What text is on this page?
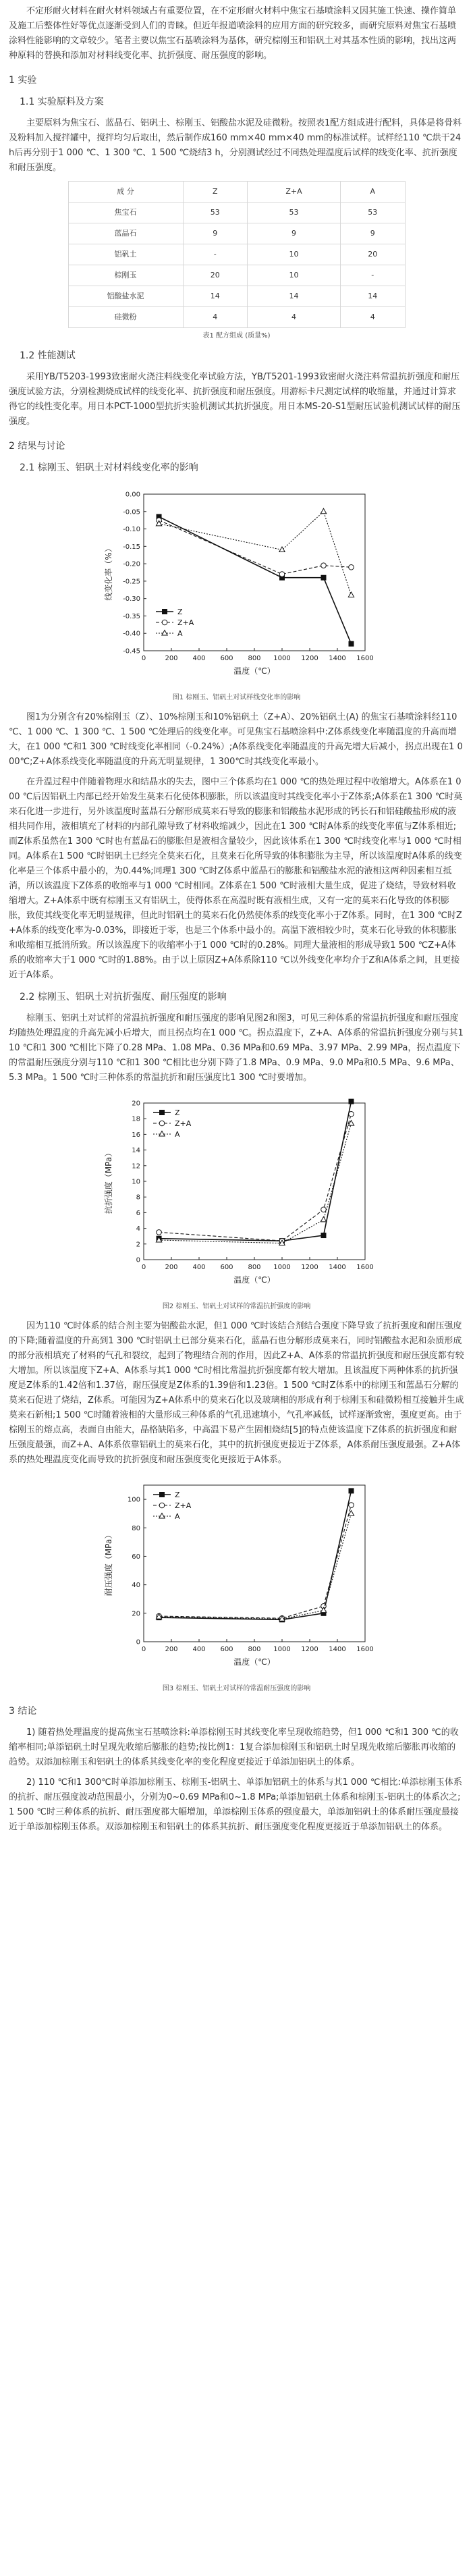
不定形耐火材料在耐火材料领域占有重要位置，在不定形耐火材料中焦宝石基喷涂料又因其施工快速、操作简单及施工后整体性好等优点逐渐受到人们的青睐。但近年报道喷涂料的应用方面的研究较多，而研究原料对焦宝石基喷涂料性能影响的文章较少。笔者主要以焦宝石基喷涂料为基体，研究棕刚玉和铝矾土对其基本性质的影响，找出这两种原料的替换和添加对材料线变化率、抗折强度、耐压强度的影响。

1 实验
1.1 实验原料及方案

主要原料为焦宝石、蓝晶石、铝矾土、棕刚玉、铝酸盐水泥及硅微粉。按照表1配方组成进行配料，具体是将骨料及粉料加入搅拌罐中，搅拌均匀后取出，然后制作成160 mm×40 mm×40 mm的标准试样。试样经110 ℃烘干24 h后再分别于1 000 ℃、1 300 ℃、1 500 ℃烧结3 h，分别测试经过不同热处理温度后试样的线变化率、抗折强度和耐压强度。

成 分	Z	Z+A	A
焦宝石	53	53	53
蓝晶石	9	9	9
铝矾土	-	10	20
棕刚玉	20	10	-
铝酸盐水泥	14	14	14
硅微粉	4	4	4
表1 配方组成 (质量%)
1.2 性能测试

采用YB/T5203-1993致密耐火浇注料线变化率试验方法，YB/T5201-1993致密耐火浇注料常温抗折强度和耐压强度试验方法，分别检测烧成试样的线变化率、抗折强度和耐压强度。用游标卡尺测定试样的收缩量，并通过计算求得它的线性变化率。用日本PCT-1000型抗折实验机测试其抗折强度。用日本MS-20-S1型耐压试验机测试试样的耐压强度。

2 结果与讨论
2.1 棕刚玉、铝矾土对材料线变化率的影响
0	200 400 600 800 1000 1200 1400 1600
0.00
-0.05
-0.10
-0.15
-0.20
-0.25
-0.30
-0.35
-0.40
-0.45
温度（℃）
线变化率（%）
Z
Z+A
A
图1 棕刚玉、铝矾土对试样线变化率的影响

图1为分别含有20%棕刚玉（Z）、10%棕刚玉和10%铝矾土（Z+A）、20%铝矾土(A) 的焦宝石基喷涂料经110 ℃、1 000 ℃、1 300 ℃、1 500 ℃处理后的线变化率。可见焦宝石基喷涂料中:Z体系线变化率随温度的升高而增大，在1 000 ℃和1 300 ℃时线变化率相同（-0.24%）;A体系线变化率随温度的升高先增大后减小，拐点出现在1 000℃;Z+A体系线变化率随温度的升高无明显规律，1 300℃时其线变化率最小。

在升温过程中伴随着物理水和结晶水的失去，图中三个体系均在1 000 ℃的热处理过程中收缩增大。A体系在1 000 ℃后因铝矾土内部已经开始发生莫来石化使体积膨胀，所以该温度时其线变化率小于Z体系;A体系在1 300 ℃时莫来石化进一步进行，另外该温度时蓝晶石分解形成莫来石导致的膨胀和铝酸盐水泥形成的钙长石和铝硅酸盐形成的液相共同作用，液相填充了材料的内部孔隙导致了材料收缩减少，因此在1 300 ℃时A体系的线变化率值与Z体系相近;而Z体系虽然在1 300 ℃时也有蓝晶石的膨胀但是液相含量较少，因此该体系在1 300 ℃时线变化率与1 000 ℃时相同。A体系在1 500 ℃时铝矾土已经完全莫来石化，且莫来石化所导致的体积膨胀为主导，所以该温度时A体系的线变化率是三个体系中最小的，为0.44%;同理1 300 ℃时Z体系中蓝晶石的膨胀和铝酸盐水泥的液相这两种因素相互抵消，所以该温度下Z体系的收缩率与1 000 ℃时相同。Z体系在1 500 ℃时液相大量生成，促进了烧结，导致材料收缩增大。Z+A体系中既有棕刚玉又有铝矾土，使得体系在高温时既有液相生成，又有一定的莫来石化导致的体积膨胀，致使其线变化率无明显规律，但此时铝矾土的莫来石化仍然使体系的线变化率小于Z体系。同时，在1 300 ℃时Z+A体系的线变化率为-0.03%，即接近于零，也是三个体系中最小的。高温下液相较少时，莫来石化导致的体积膨胀和收缩相互抵消所致。所以该温度下的收缩率小于1 000 ℃时的0.28%。同理大量液相的形成导致1 500 ℃Z+A体系的收缩率大于1 000 ℃时的1.88%。由于以上原因Z+A体系除110 ℃以外线变化率均介于Z和A体系之间，且更接近于A体系。

2.2 棕刚玉、铝矾土对抗折强度、耐压强度的影响

棕刚玉、铝矾土对试样的常温抗折强度和耐压强度的影响见图2和图3，可见三种体系的常温抗折强度和耐压强度均随热处理温度的升高先减小后增大，而且拐点均在1 000 ℃。拐点温度下，Z+A、A体系的常温抗折强度分别与其110 ℃和1 300 ℃相比下降了0.28 MPa、1.08 MPa、0.36 MPa和0.69 MPa、3.97 MPa、2.99 MPa，拐点温度下的常温耐压强度分别与110 ℃和1 300 ℃相比也分别下降了1.8 MPa、0.9 MPa、9.0 MPa和0.5 MPa、9.6 MPa、5.3 MPa。1 500 ℃时三种体系的常温抗折和耐压强度比1 300 ℃时要增加。

0	200 400 600 800 1000 1200 1400 1600
0
2
4
6
8
10
12
14
16
18
20
温度（℃）
抗折强度（MPa）
Z
Z+A
A
图2 棕刚玉、铝矾土对试样的常温抗折强度的影响

因为110 ℃时体系的结合剂主要为铝酸盐水泥，但1 000 ℃时该结合剂结合强度下降导致了抗折强度和耐压强度的下降;随着温度的升高到1 300 ℃时铝矾土已部分莫来石化，蓝晶石也分解形成莫来石，同时铝酸盐水泥和杂质形成的部分液相填充了材料的气孔和裂纹，起到了物理结合剂的作用，因此Z+A、A体系的常温抗折强度和耐压强度都有较大增加。所以该温度下Z+A、A体系与其1 000 ℃时相比常温抗折强度都有较大增加。且该温度下两种体系的抗折强度是Z体系的1.42倍和1.37倍，耐压强度是Z体系的1.39倍和1.23倍。1 500 ℃时Z体系中的棕刚玉和蓝晶石分解的莫来石促进了烧结，Z体系。可能因为Z+A体系中的莫来石化以及玻璃相的形成有利于棕刚玉和硅微粉相互接触并生成莫来石新相;1 500 ℃时随着液相的大量形成三种体系的气孔迅速填小，气孔率减低，试样逐渐致密，强度更高。由于棕刚玉的熔点高，表面自由能大，晶格缺陷多，中高温下易产生固相烧结[5]的特点使该温度下Z体系的抗折强度和耐压强度最强，而Z+A、A体系依靠铝矾土的莫来石化，其中的抗折强度更接近于Z体系，A体系耐压强度最强。Z+A体系的热处理温度变化而导致的抗折强度和耐压强度变化更接近于A体系。

0	200 400 600 800 1000 1200 1400 1600
0
20
40
60
80
100
温度（℃）
耐压强度（MPa）
Z
Z+A
A
图3 棕刚玉、铝矾土对试样的常温耐压强度的影响
3 结论

1) 随着热处理温度的提高焦宝石基喷涂料:单添棕刚玉时其线变化率呈现收缩趋势，但1 000 ℃和1 300 ℃的收缩率相同;单添铝矾土时呈现先收缩后膨胀的趋势;按比例1：1复合添加棕刚玉和铝矾土时呈现先收缩后膨胀再收缩的趋势。双添加棕刚玉和铝矾土的体系其线变化率的变化程度更接近于单添加铝矾土的体系。

2) 110 ℃和1 300℃时单添加棕刚玉、棕刚玉-铝矾土、单添加铝矾土的体系与其1 000 ℃相比:单添棕刚玉体系的抗折、耐压强度波动范围最小，分别为0~0.69 MPa和0~1.8 MPa;单添加铝矾土体系和棕刚玉-铝矾土的体系次之;1 500 ℃时三种体系的抗折、耐压强度都大幅增加，单添棕刚玉体系的强度最大，单添加铝矾土的体系耐压强度最接近于单添加棕刚玉体系。双添加棕刚玉和铝矾土的体系其抗折、耐压强度变化程度更接近于单添加铝矾土的体系。
